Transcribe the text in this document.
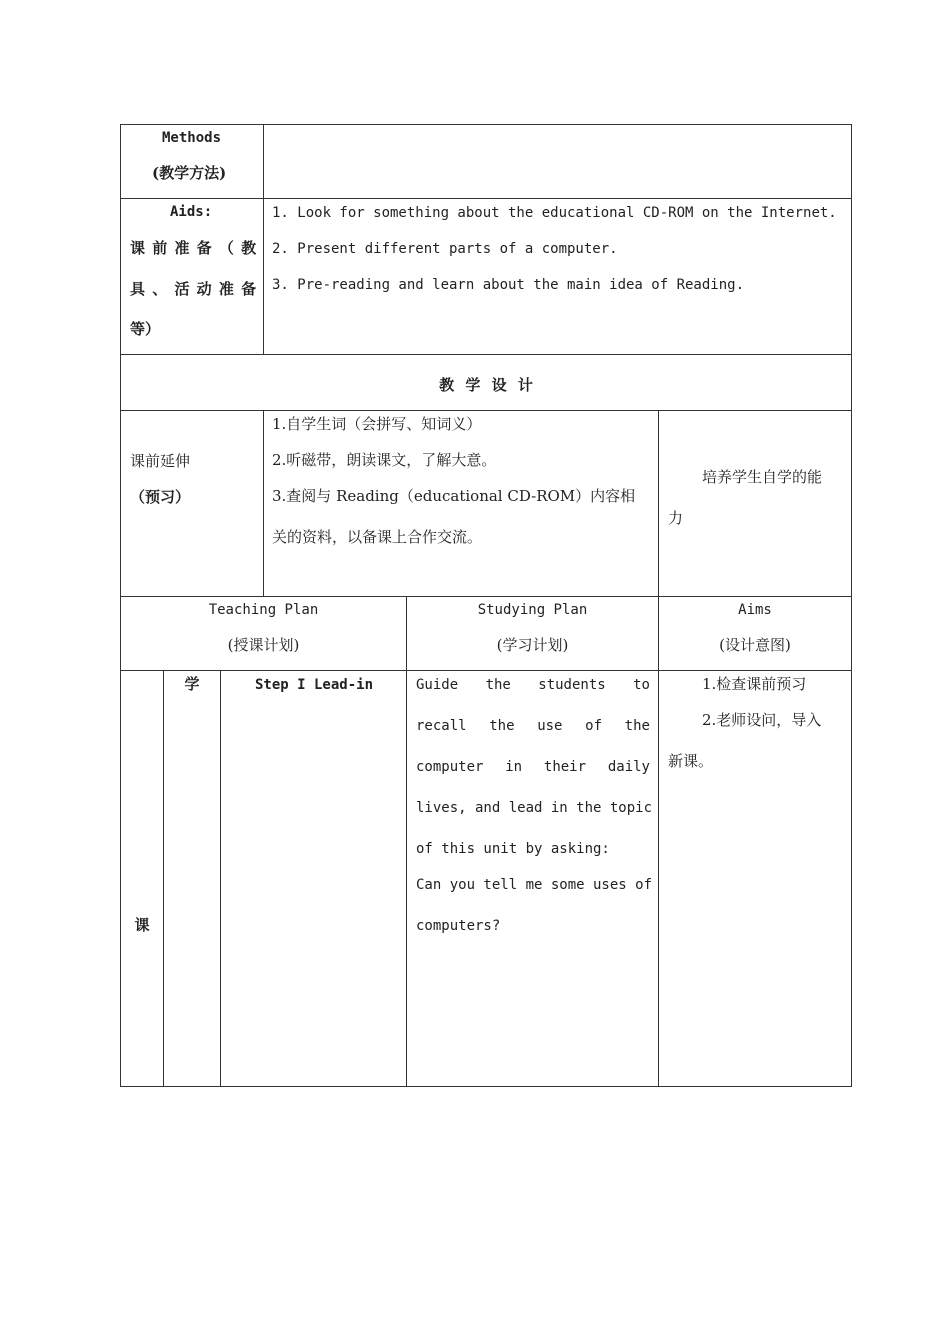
Methods
(教学方法)
Aids:
课 前 准 备 （ 教
具 、 活 动 准 备
等）
1. Look for something about the educational CD-ROM on the Internet.
2. Present different parts of a computer.
3. Pre-reading and learn about the main idea of Reading.
教 学 设 计
课前延伸
（预习）
1.自学生词（会拼写、知词义）
2.听磁带，朗读课文，了解大意。
3.查阅与 Reading（educational CD-ROM）内容相
关的资料，以备课上合作交流。
培养学生自学的能
力
Teaching Plan
(授课计划)
Studying Plan
(学习计划)
Aims
(设计意图)
课
学	Step I Lead-in	Guide the students to
recall the use of the
computer in their daily
lives, and lead in the topic
of this unit by asking:
Can you tell me some uses of
computers?
1.检查课前预习
2.老师设问，导入
新课。
